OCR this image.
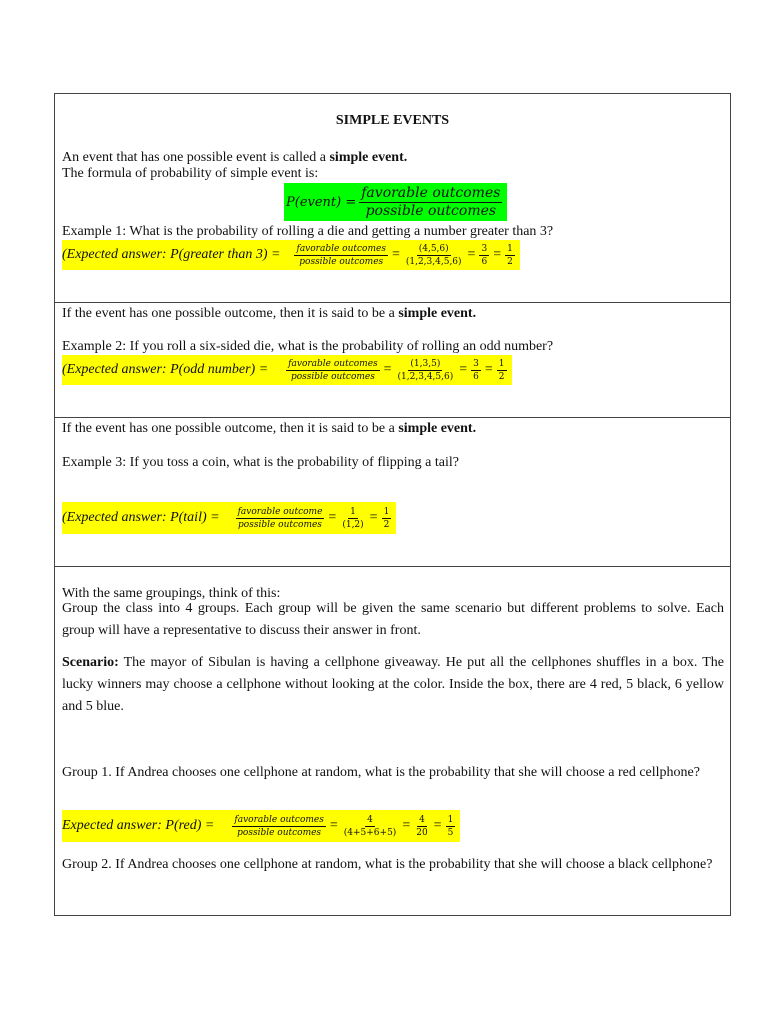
SIMPLE EVENTS
An event that has one possible event is called a simple event.
The formula of probability of simple event is:
P(event) = $\frac{\text{favorable outcomes}}{\text{possible outcomes}}$
Example 1: What is the probability of rolling a die and getting a number greater than 3?
(Expected answer: P(greater than $3) = \frac{\text{favorable outcomes}}{\text{possible outcomes}} = \frac{(4,5,6)}{(1,2,3,4,5,6)} = \frac{3}{6} = \frac{1}{2}$
If the event has one possible outcome, then it is said to be a simple event.
Example 2: If you roll a six-sided die, what is the probability of rolling an odd number?
(Expected answer: P(odd number) = $\frac{\text{favorable outcomes}}{\text{possible outcomes}} = \frac{(1,3,5)}{(1,2,3,4,5,6)} = \frac{3}{6} = \frac{1}{2}$
If the event has one possible outcome, then it is said to be a simple event.
Example 3: If you toss a coin, what is the probability of flipping a tail?
(Expected answer: P(tail) = $\frac{\text{favorable outcome}}{\text{possible outcomes}} = \frac{1}{(1,2)} = \frac{1}{2}$
With the same groupings, think of this:
Group the class into 4 groups. Each group will be given the same scenario but different problems to solve. Each group will have a representative to discuss their answer in front.
Scenario: The mayor of Sibulan is having a cellphone giveaway. He put all the cellphones shuffles in a box. The lucky winners may choose a cellphone without looking at the color. Inside the box, there are 4 red, 5 black, 6 yellow and 5 blue.
Group 1. If Andrea chooses one cellphone at random, what is the probability that she will choose a red cellphone?
Expected answer: $P(red) = \frac{\text{favorable outcomes}}{\text{possible outcomes}} = \frac{4}{(4+5+6+5)} = \frac{4}{20} = \frac{1}{5}$
Group 2. If Andrea chooses one cellphone at random, what is the probability that she will choose a black cellphone?
